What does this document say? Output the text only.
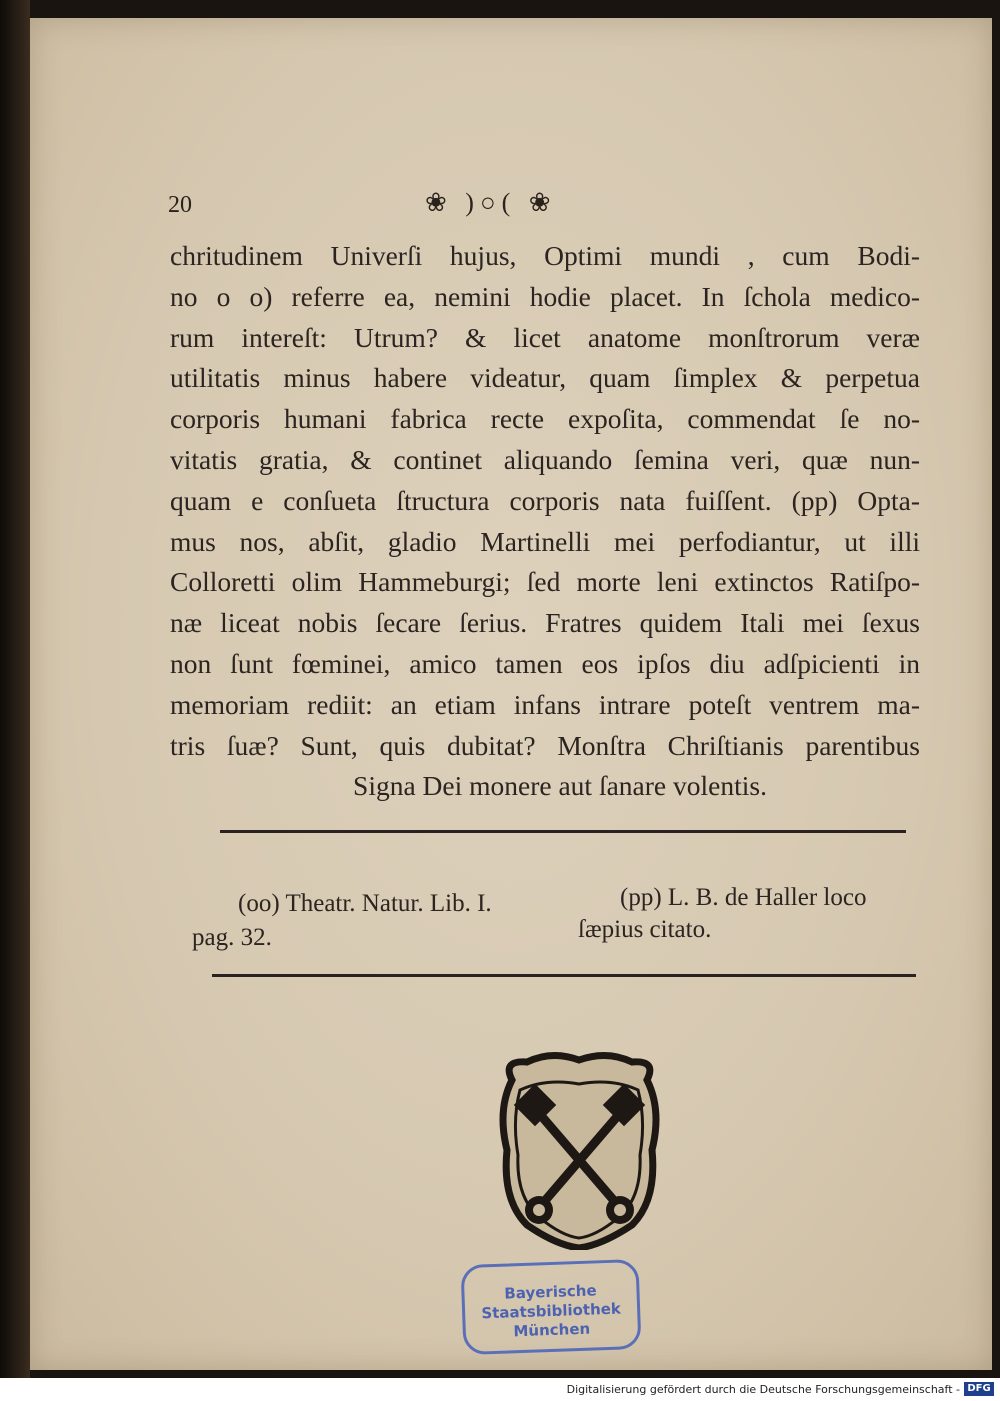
20	❀ )○( ❀
chritudinem Univerſi hujus, Optimi mundi , cum Bodi-
no o o) referre ea, nemini hodie placet. In ſchola medico-
rum intereſt: Utrum? & licet anatome monſtrorum veræ
utilitatis minus habere videatur, quam ſimplex & perpetua
corporis humani fabrica recte expoſita, commendat ſe no-
vitatis gratia, & continet aliquando ſemina veri, quæ nun-
quam e conſueta ſtructura corporis nata fuiſſent. (pp) Opta-
mus nos, abſit, gladio Martinelli mei perfodiantur, ut illi
Colloretti olim Hammeburgi; ſed morte leni extinctos Ratiſpo-
næ liceat nobis ſecare ſerius. Fratres quidem Itali mei ſexus
non ſunt fœminei, amico tamen eos ipſos diu adſpicienti in
memoriam rediit: an etiam infans intrare poteſt ventrem ma-
tris ſuæ? Sunt, quis dubitat? Monſtra Chriſtianis parentibus
Signa Dei monere aut ſanare volentis.
(oo) Theatr. Natur. Lib. I.
pag. 32.
(pp) L. B. de Haller loco
ſæpius citato.
Bayerische
Staatsbibliothek
München
Digitalisierung gefördert durch die Deutsche Forschungsgemeinschaft - DFG
